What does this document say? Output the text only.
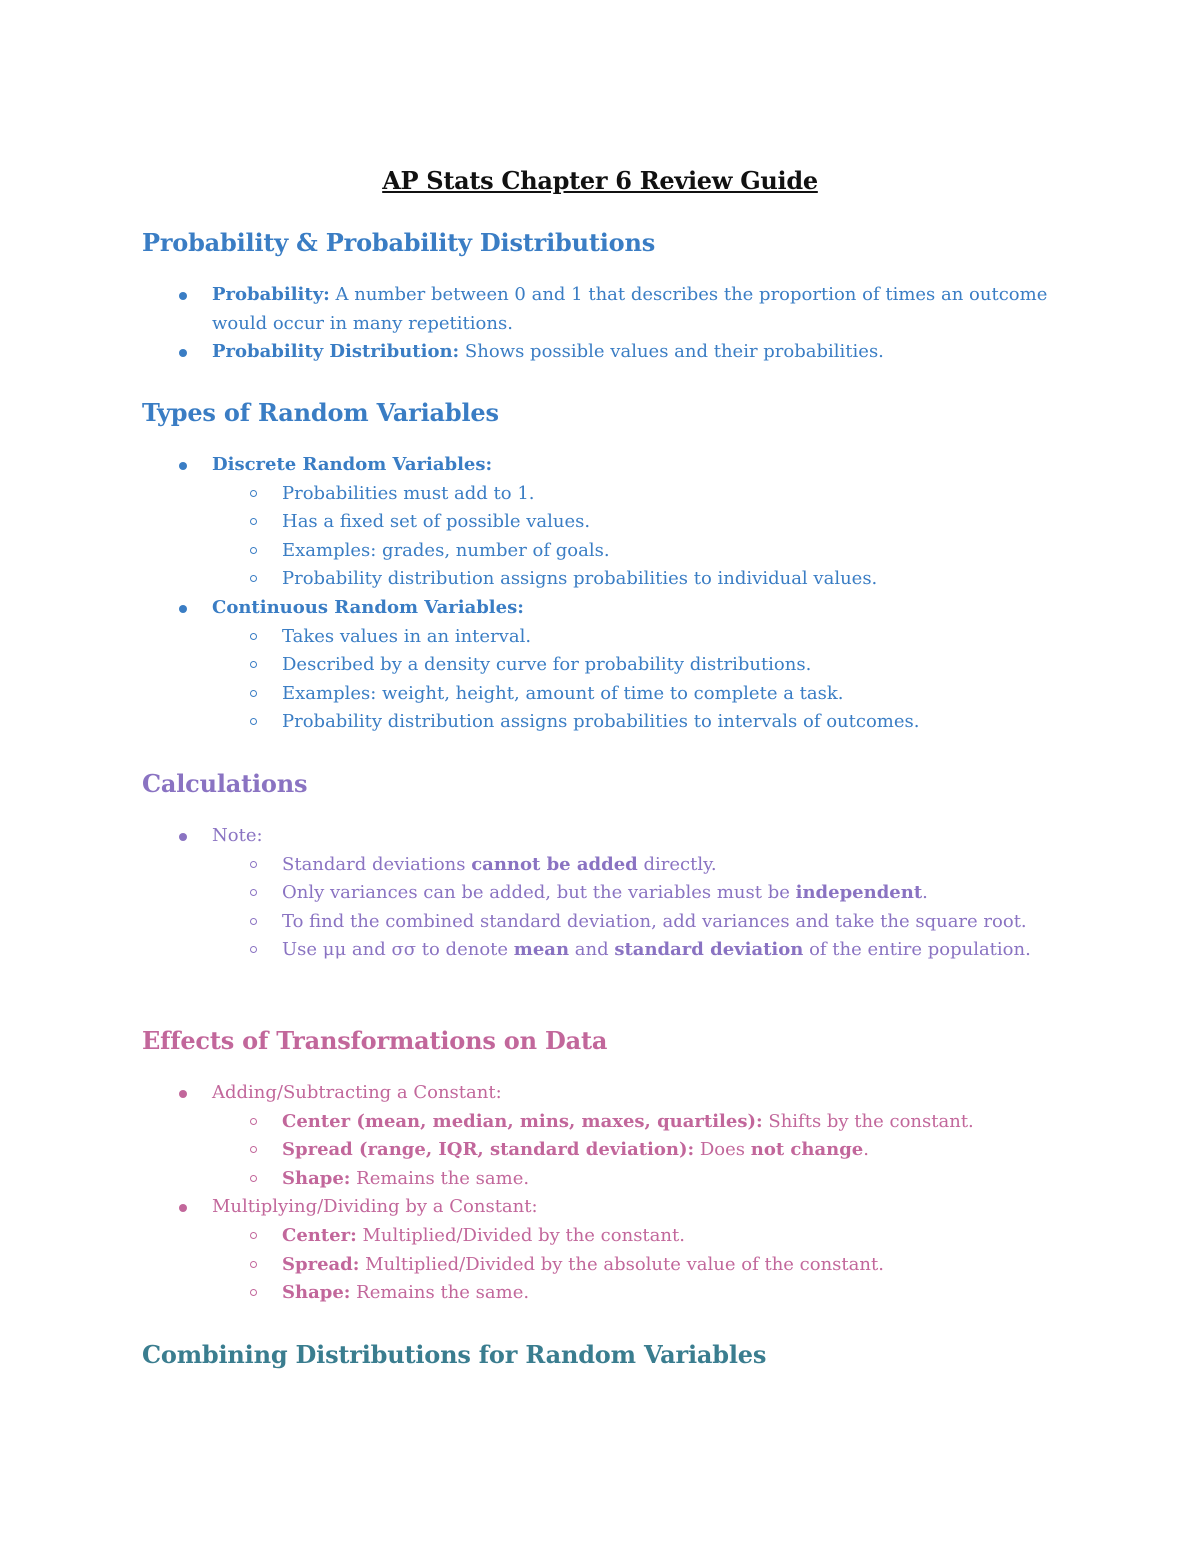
AP Stats Chapter 6 Review Guide
Probability & Probability Distributions
Probability: A number between 0 and 1 that describes the proportion of times an outcome would occur in many repetitions.
Probability Distribution: Shows possible values and their probabilities.
Types of Random Variables
Discrete Random Variables:
Probabilities must add to 1.
Has a fixed set of possible values.
Examples: grades, number of goals.
Probability distribution assigns probabilities to individual values.
Continuous Random Variables:
Takes values in an interval.
Described by a density curve for probability distributions.
Examples: weight, height, amount of time to complete a task.
Probability distribution assigns probabilities to intervals of outcomes.
Calculations
Note:
Standard deviations cannot be added directly.
Only variances can be added, but the variables must be independent.
To find the combined standard deviation, add variances and take the square root.
Use μμ and σσ to denote mean and standard deviation of the entire population.
Effects of Transformations on Data
Adding/Subtracting a Constant:
Center (mean, median, mins, maxes, quartiles): Shifts by the constant.
Spread (range, IQR, standard deviation): Does not change.
Shape: Remains the same.
Multiplying/Dividing by a Constant:
Center: Multiplied/Divided by the constant.
Spread: Multiplied/Divided by the absolute value of the constant.
Shape: Remains the same.
Combining Distributions for Random Variables
